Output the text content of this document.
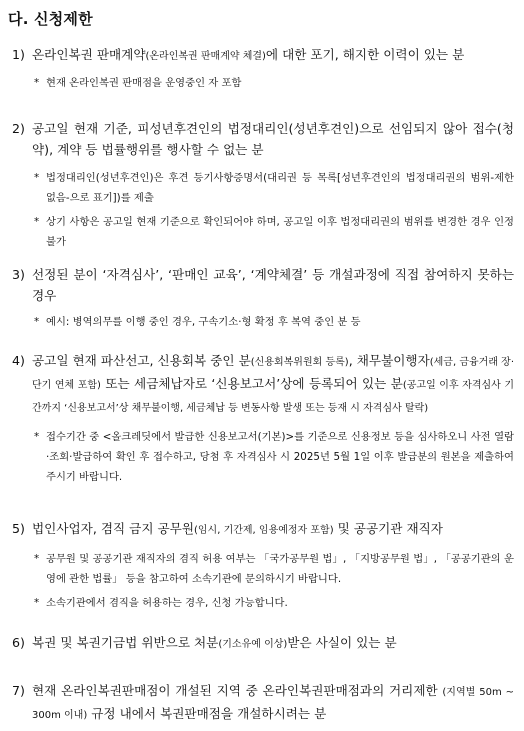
다. 신청제한
1) 온라인복권 판매계약(온라인복권 판매계약 체결)에 대한 포기, 해지한 이력이 있는 분
* 현재 온라인복권 판매점을 운영중인 자 포함
2) 공고일 현재 기준, 피성년후견인의 법정대리인(성년후견인)으로 선임되지 않아 접수(청약), 계약 등 법률행위를 행사할 수 없는 분
* 법정대리인(성년후견인)은 후견 등기사항증명서(대리권 등 목록[성년후견인의 법정대리권의 범위-제한 없음-으로 표기])를 제출
* 상기 사항은 공고일 현재 기준으로 확인되어야 하며, 공고일 이후 법정대리권의 범위를 변경한 경우 인정 불가
3) 선정된 분이 ‘자격심사’, ‘판매인 교육’, ‘계약체결’ 등 개설과정에 직접 참여하지 못하는 경우
* 예시: 병역의무를 이행 중인 경우, 구속기소·형 확정 후 복역 중인 분 등
4) 공고일 현재 파산선고, 신용회복 중인 분(신용회복위원회 등록), 채무불이행자(세금, 금융거래 장·단기 연체 포함) 또는 세금체납자로 ‘신용보고서’상에 등록되어 있는 분(공고일 이후 자격심사 기간까지 ‘신용보고서’상 채무불이행, 세금체납 등 변동사항 발생 또는 등재 시 자격심사 탈락)
* 접수기간 중 <올크레딧에서 발급한 신용보고서(기본)>를 기준으로 신용정보 등을 심사하오니 사전 열람·조회·발급하여 확인 후 접수하고, 당첨 후 자격심사 시 2025년 5월 1일 이후 발급분의 원본을 제출하여 주시기 바랍니다.
5) 법인사업자, 겸직 금지 공무원(임시, 기간제, 임용예정자 포함) 및 공공기관 재직자
* 공무원 및 공공기관 재직자의 겸직 허용 여부는 「국가공무원 법」, 「지방공무원 법」, 「공공기관의 운영에 관한 법률」 등을 참고하여 소속기관에 문의하시기 바랍니다.
* 소속기관에서 겸직을 허용하는 경우, 신청 가능합니다.
6) 복권 및 복권기금법 위반으로 처분(기소유예 이상)받은 사실이 있는 분
7) 현재 온라인복권판매점이 개설된 지역 중 온라인복권판매점과의 거리제한 (지역별 50m ~ 300m 이내) 규정 내에서 복권판매점을 개설하시려는 분
